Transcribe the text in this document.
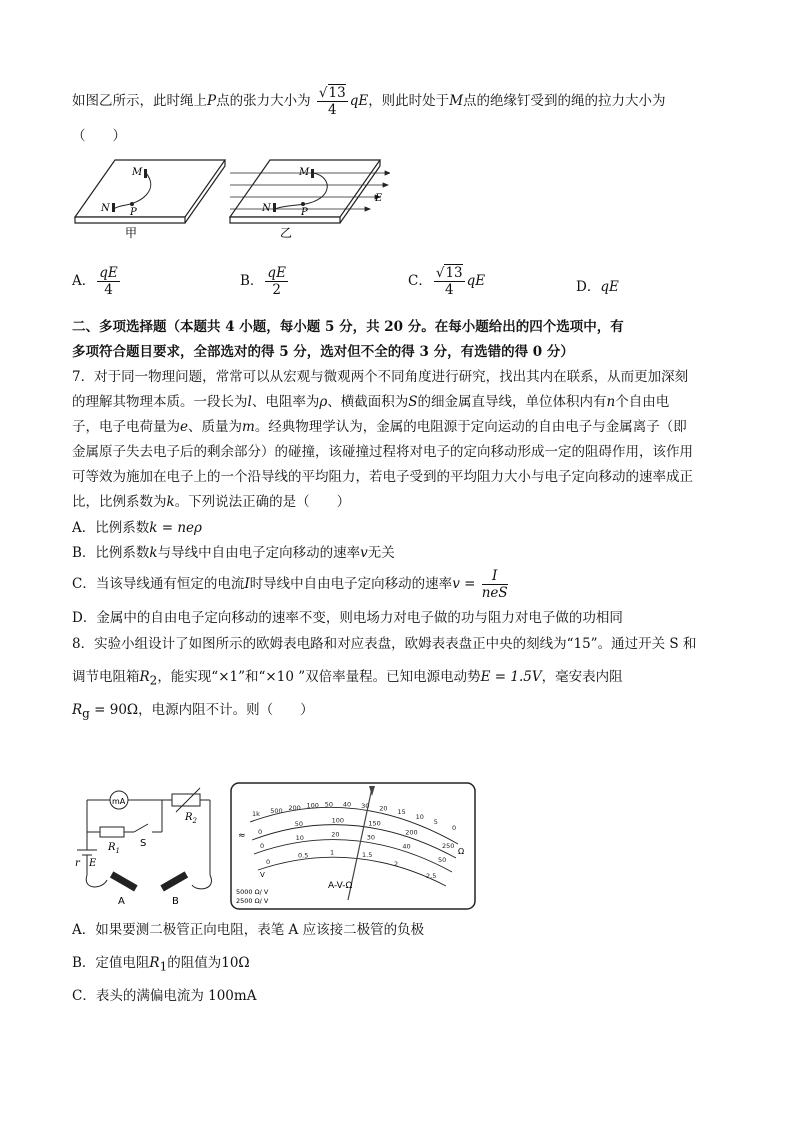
如图乙所示，此时绳上P点的张力大小为 $\frac{√13}{4}$ qE，则此时处于M点的绝缘钉受到的绳的拉力大小为
（　　）
M
N P
甲
M
N	P
E
乙
A． $\frac{qE}{4}$	B． $\frac{qE}{2}$	C． $\frac{√13}{4}$ qE	D．qE
二、多项选择题（本题共 4 小题，每小题 5 分，共 20 分。在每小题给出的四个选项中，有
多项符合题目要求，全部选对的得 5 分，选对但不全的得 3 分，有选错的得 0 分）
7．对于同一物理问题，常常可以从宏观与微观两个不同角度进行研究，找出其内在联系，从而更加深刻
的理解其物理本质。一段长为l、电阻率为ρ、横截面积为S的细金属直导线，单位体积内有n个自由电
子，电子电荷量为e、质量为m。经典物理学认为，金属的电阻源于定向运动的自由电子与金属离子（即
金属原子失去电子后的剩余部分）的碰撞，该碰撞过程将对电子的定向移动形成一定的阻碍作用，该作用
可等效为施加在电子上的一个沿导线的平均阻力，若电子受到的平均阻力大小与电子定向移动的速率成正
比，比例系数为k。下列说法正确的是（　　）
A．比例系数k = neρ
B．比例系数k与导线中自由电子定向移动的速率v无关
C．当该导线通有恒定的电流I时导线中自由电子定向移动的速率$v = \frac{I}{\text{neS}}$
D．金属中的自由电子定向移动的速率不变，则电场力对电子做的功与阻力对电子做的功相同
8．实验小组设计了如图所示的欧姆表电路和对应表盘，欧姆表表盘正中央的刻线为“15”。通过开关 S 和
调节电阻箱$R_2$，能实现“×1”和“×10 ”双倍率量程。已知电源电动势E = 1.5V，毫安表内阻
$R_g = 90\Omega$，电源内阻不计。则（　　）
mA
$R_2$
$R_1$
S
r E
A	B
1k 500 200 100 50 40 30 20 15
10
5
0
0
50	100	150
200
250
0
10	20	30
40
50
0
0.5	1	1.5
2
2.5
≈
V
Ω
A-V-Ω
5000 Ω/ V
2500 Ω/ V
A．如果要测二极管正向电阻，表笔 A 应该接二极管的负极
B．定值电阻$R_1$的阻值为10Ω
C．表头的满偏电流为 100mA
